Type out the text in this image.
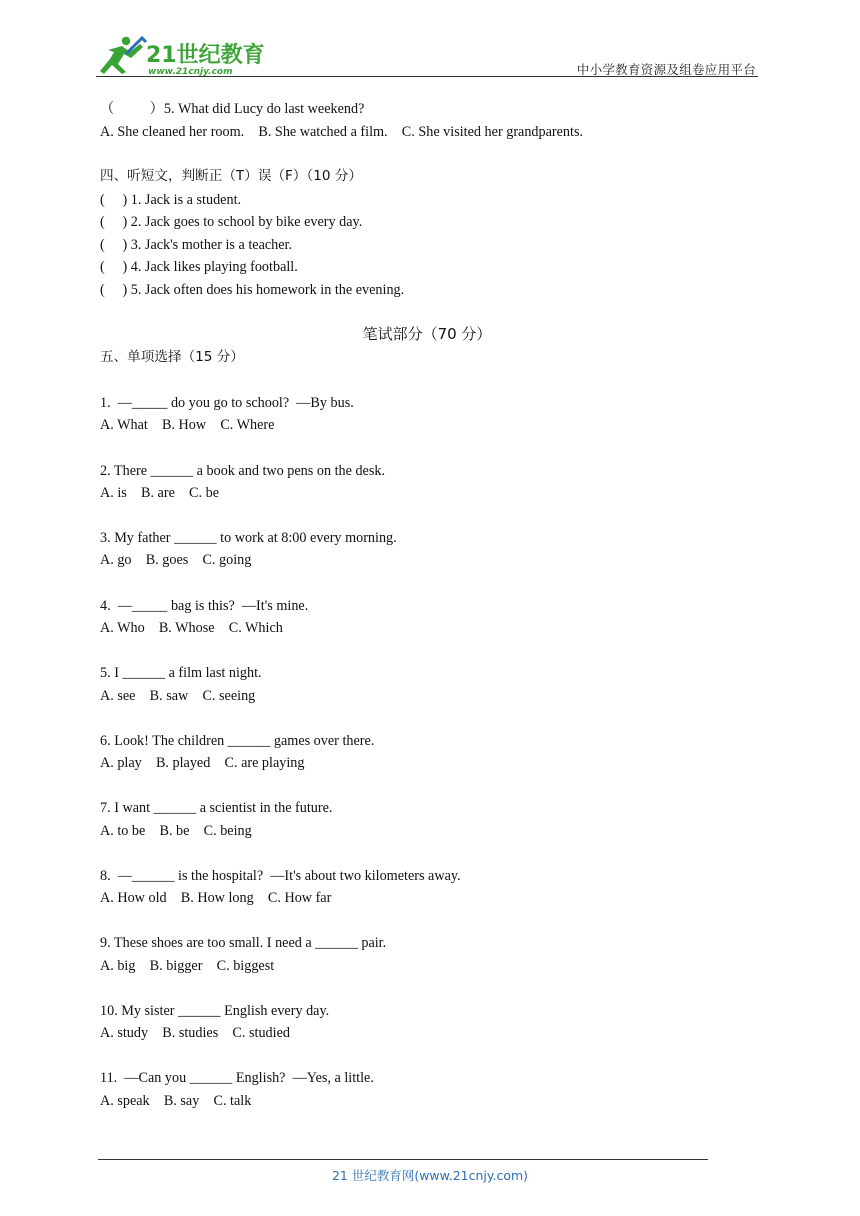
21世纪教育
www.21cnjy.com	中小学教育资源及组卷应用平台
（          ）5. What did Lucy do last weekend?
A. She cleaned her room.    B. She watched a film.    C. She visited her grandparents.
四、听短文，判断正（T）误（F）（10 分）
(     ) 1. Jack is a student.
(     ) 2. Jack goes to school by bike every day.
(     ) 3. Jack's mother is a teacher.
(     ) 4. Jack likes playing football.
(     ) 5. Jack often does his homework in the evening.
笔试部分（70 分）
五、单项选择（15 分）
1.  —_____ do you go to school?  —By bus.
A. What    B. How    C. Where
2. There ______ a book and two pens on the desk.
A. is    B. are    C. be
3. My father ______ to work at 8:00 every morning.
A. go    B. goes    C. going
4.  —_____ bag is this?  —It's mine.
A. Who    B. Whose    C. Which
5. I ______ a film last night.
A. see    B. saw    C. seeing
6. Look! The children ______ games over there.
A. play    B. played    C. are playing
7. I want ______ a scientist in the future.
A. to be    B. be    C. being
8.  —______ is the hospital?  —It's about two kilometers away.
A. How old    B. How long    C. How far
9. These shoes are too small. I need a ______ pair.
A. big    B. bigger    C. biggest
10. My sister ______ English every day.
A. study    B. studies    C. studied
11.  —Can you ______ English?  —Yes, a little.
A. speak    B. say    C. talk
21 世纪教育网(www.21cnjy.com)
